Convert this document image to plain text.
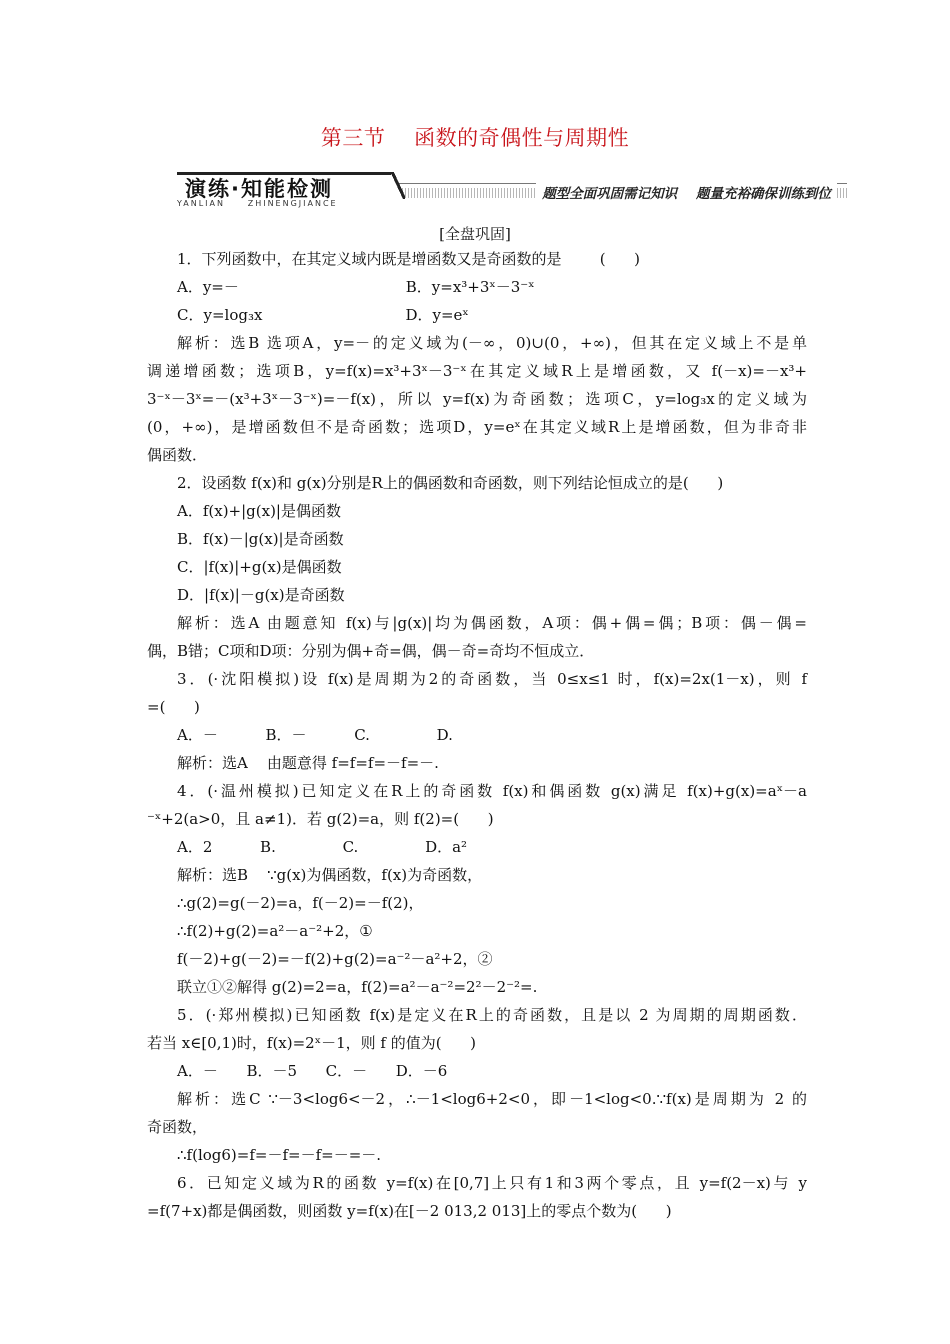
第三节    函数的奇偶性与周期性
演练·知能检测
YANLIAN     ZHINENGJIANCE
题型全面巩固需记知识    题量充裕确保训练到位
[全盘巩固]
1．下列函数中，在其定义域内既是增函数又是奇函数的是        (      )
A．y=－                                   B．y=x³+3ˣ－3⁻ˣ
C．y=log₃x                              D．y=eˣ
解析：选B 选项A，y=－的定义域为(－∞，0)∪(0，+∞)，但其在定义域上不是单
调递增函数；选项B，y=f(x)=x³+3ˣ－3⁻ˣ在其定义域R上是增函数，又 f(－x)=－x³+
3⁻ˣ－3ˣ=－(x³+3ˣ－3⁻ˣ)=－f(x)，所以 y=f(x)为奇函数；选项C，y=log₃x的定义域为
(0，+∞)，是增函数但不是奇函数；选项D，y=eˣ在其定义域R上是增函数，但为非奇非
偶函数．
2．设函数 f(x)和 g(x)分别是R上的偶函数和奇函数，则下列结论恒成立的是(      )
A．f(x)+|g(x)|是偶函数
B．f(x)－|g(x)|是奇函数
C．|f(x)|+g(x)是偶函数
D．|f(x)|－g(x)是奇函数
解析：选A 由题意知 f(x)与|g(x)|均为偶函数，A项：偶+偶=偶；B项：偶－偶=
偶，B错；C项和D项：分别为偶+奇=偶，偶－奇=奇均不恒成立．
3．(·沈阳模拟)设 f(x)是周期为2的奇函数，当 0≤x≤1 时，f(x)=2x(1－x)，则 f
=(      )
A．－          B．－          C.              D.
解析：选A    由题意得 f=f=f=－f=－.
4．(·温州模拟)已知定义在R上的奇函数 f(x)和偶函数 g(x)满足 f(x)+g(x)=aˣ－a
⁻ˣ+2(a>0，且 a≠1)．若 g(2)=a，则 f(2)=(      )
A．2          B.              C.              D．a²
解析：选B    ∵g(x)为偶函数，f(x)为奇函数，
∴g(2)=g(－2)=a，f(－2)=－f(2)，
∴f(2)+g(2)=a²－a⁻²+2，①
f(－2)+g(－2)=－f(2)+g(2)=a⁻²－a²+2，②
联立①②解得 g(2)=2=a，f(2)=a²－a⁻²=2²－2⁻²=.
5．(·郑州模拟)已知函数 f(x)是定义在R上的奇函数，且是以 2 为周期的周期函数．
若当 x∈[0,1)时，f(x)=2ˣ－1，则 f 的值为(      )
A．－      B．－5      C．－      D．－6
解析：选C ∵－3<log6<－2，∴－1<log6+2<0，即－1<log<0.∵f(x)是周期为 2 的
奇函数，
∴f(log6)=f=－f=－f=－=－.
6．已知定义域为R的函数 y=f(x)在[0,7]上只有1和3两个零点，且 y=f(2－x)与 y
=f(7+x)都是偶函数，则函数 y=f(x)在[－2 013,2 013]上的零点个数为(      )
